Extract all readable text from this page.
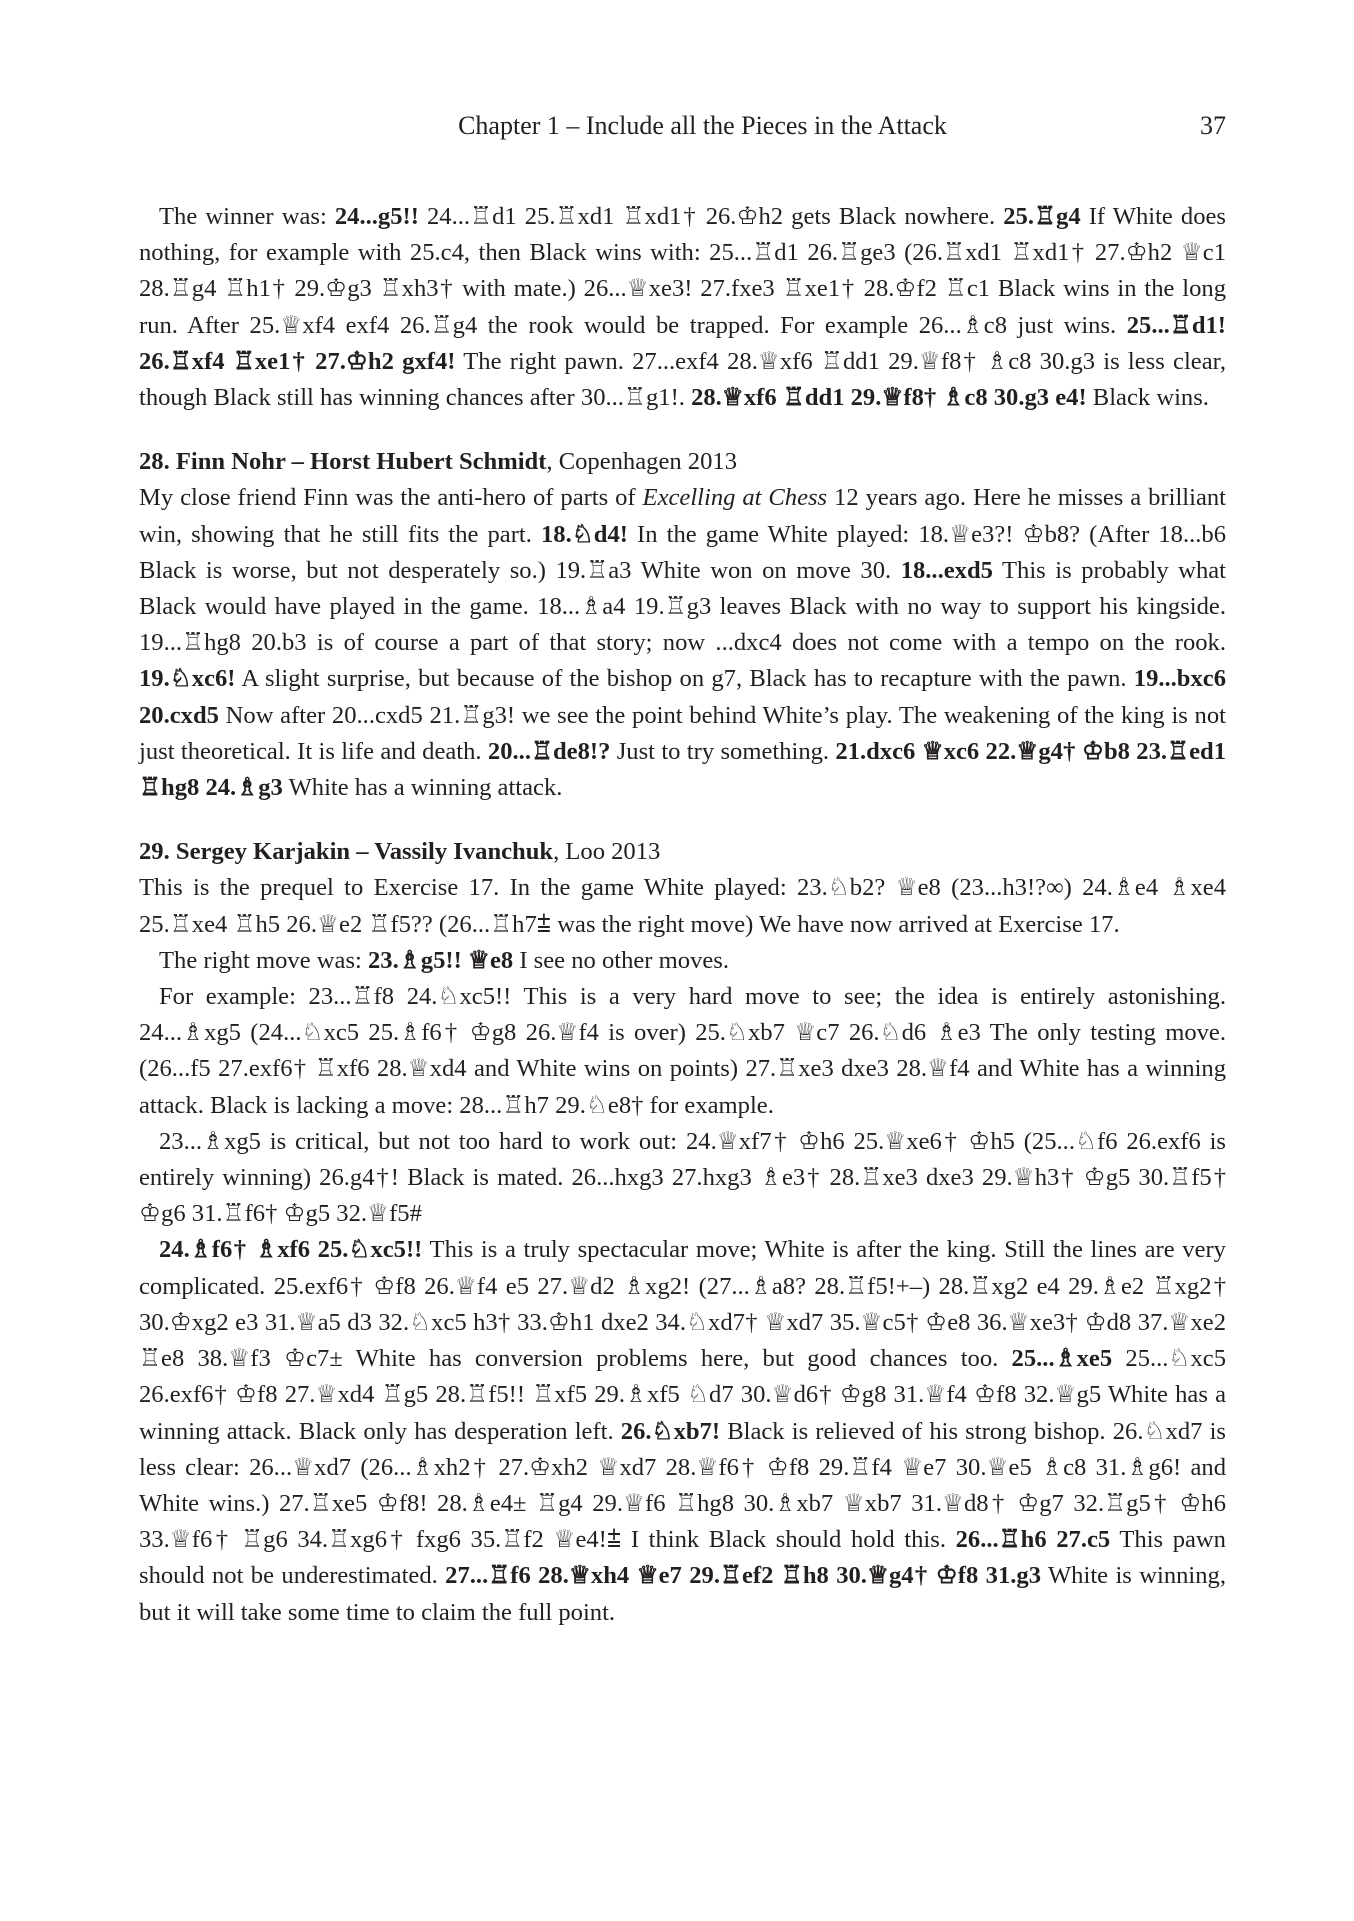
Chapter 1 – Include all the Pieces in the Attack	37

The winner was: 24...g5!! 24...♖d1 25.♖xd1 ♖xd1† 26.♔h2 gets Black nowhere. 25.♖g4 If White does nothing, for example with 25.c4, then Black wins with: 25...♖d1 26.♖ge3 (26.♖xd1 ♖xd1† 27.♔h2 ♕c1 28.♖g4 ♖h1† 29.♔g3 ♖xh3† with mate.) 26...♕xe3! 27.fxe3 ♖xe1† 28.♔f2 ♖c1 Black wins in the long run. After 25.♕xf4 exf4 26.♖g4 the rook would be trapped. For example 26...♗c8 just wins. 25...♖d1! 26.♖xf4 ♖xe1† 27.♔h2 gxf4! The right pawn. 27...exf4 28.♕xf6 ♖dd1 29.♕f8† ♗c8 30.g3 is less clear, though Black still has winning chances after 30...♖g1!. 28.♕xf6 ♖dd1 29.♕f8† ♗c8 30.g3 e4! Black wins.

28. Finn Nohr – Horst Hubert Schmidt, Copenhagen 2013

My close friend Finn was the anti-hero of parts of Excelling at Chess 12 years ago. Here he misses a brilliant win, showing that he still fits the part. 18.♘d4! In the game White played: 18.♕e3?! ♔b8? (After 18...b6 Black is worse, but not desperately so.) 19.♖a3 White won on move 30. 18...exd5 This is probably what Black would have played in the game. 18...♗a4 19.♖g3 leaves Black with no way to support his kingside. 19...♖hg8 20.b3 is of course a part of that story; now ...dxc4 does not come with a tempo on the rook. 19.♘xc6! A slight surprise, but because of the bishop on g7, Black has to recapture with the pawn. 19...bxc6 20.cxd5 Now after 20...cxd5 21.♖g3! we see the point behind White’s play. The weakening of the king is not just theoretical. It is life and death. 20...♖de8!? Just to try something. 21.dxc6 ♕xc6 22.♕g4† ♔b8 23.♖ed1 ♖hg8 24.♗g3 White has a winning attack.

29. Sergey Karjakin – Vassily Ivanchuk, Loo 2013

This is the prequel to Exercise 17. In the game White played: 23.♘b2? ♕e8 (23...h3!?∞) 24.♗e4 ♗xe4 25.♖xe4 ♖h5 26.♕e2 ♖f5?? (26...♖h7⩲ was the right move) We have now arrived at Exercise 17.

The right move was: 23.♗g5!! ♕e8 I see no other moves.

For example: 23...♖f8 24.♘xc5!! This is a very hard move to see; the idea is entirely astonishing. 24...♗xg5 (24...♘xc5 25.♗f6† ♔g8 26.♕f4 is over) 25.♘xb7 ♕c7 26.♘d6 ♗e3 The only testing move. (26...f5 27.exf6† ♖xf6 28.♕xd4 and White wins on points) 27.♖xe3 dxe3 28.♕f4 and White has a winning attack. Black is lacking a move: 28...♖h7 29.♘e8† for example.

23...♗xg5 is critical, but not too hard to work out: 24.♕xf7† ♔h6 25.♕xe6† ♔h5 (25...♘f6 26.exf6 is entirely winning) 26.g4†! Black is mated. 26...hxg3 27.hxg3 ♗e3† 28.♖xe3 dxe3 29.♕h3† ♔g5 30.♖f5† ♔g6 31.♖f6† ♔g5 32.♕f5#

24.♗f6† ♗xf6 25.♘xc5!! This is a truly spectacular move; White is after the king. Still the lines are very complicated. 25.exf6† ♔f8 26.♕f4 e5 27.♕d2 ♗xg2! (27...♗a8? 28.♖f5!+–) 28.♖xg2 e4 29.♗e2 ♖xg2† 30.♔xg2 e3 31.♕a5 d3 32.♘xc5 h3† 33.♔h1 dxe2 34.♘xd7† ♕xd7 35.♕c5† ♔e8 36.♕xe3† ♔d8 37.♕xe2 ♖e8 38.♕f3 ♔c7± White has conversion problems here, but good chances too. 25...♗xe5 25...♘xc5 26.exf6† ♔f8 27.♕xd4 ♖g5 28.♖f5!! ♖xf5 29.♗xf5 ♘d7 30.♕d6† ♔g8 31.♕f4 ♔f8 32.♕g5 White has a winning attack. Black only has desperation left. 26.♘xb7! Black is relieved of his strong bishop. 26.♘xd7 is less clear: 26...♕xd7 (26...♗xh2† 27.♔xh2 ♕xd7 28.♕f6† ♔f8 29.♖f4 ♕e7 30.♕e5 ♗c8 31.♗g6! and White wins.) 27.♖xe5 ♔f8! 28.♗e4± ♖g4 29.♕f6 ♖hg8 30.♗xb7 ♕xb7 31.♕d8† ♔g7 32.♖g5† ♔h6 33.♕f6† ♖g6 34.♖xg6† fxg6 35.♖f2 ♕e4!⩲ I think Black should hold this. 26...♖h6 27.c5 This pawn should not be underestimated. 27...♖f6 28.♕xh4 ♕e7 29.♖ef2 ♖h8 30.♕g4† ♔f8 31.g3 White is winning, but it will take some time to claim the full point.
